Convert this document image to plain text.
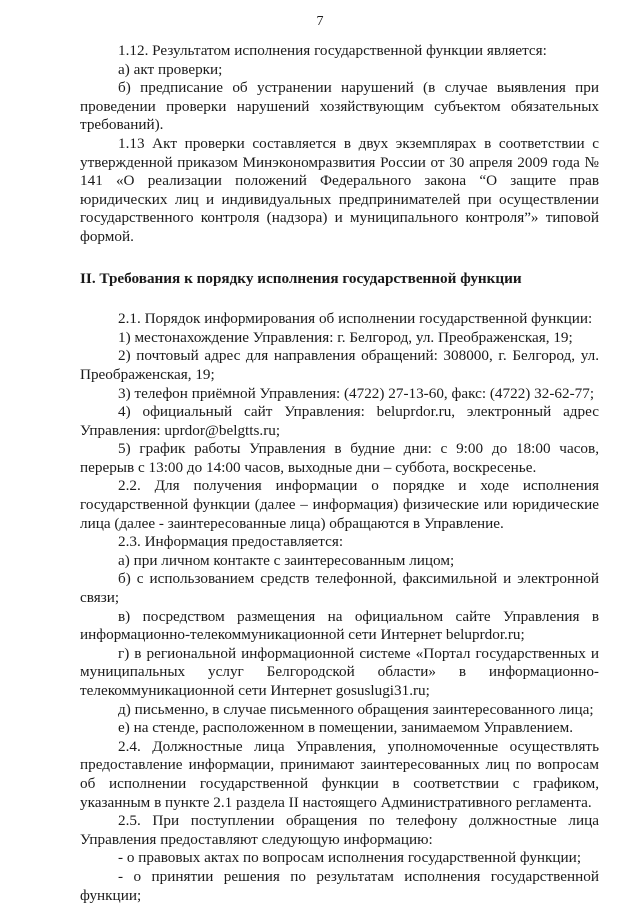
7

1.12. Результатом исполнения государственной функции является:

а) акт проверки;

б) предписание об устранении нарушений (в случае выявления при проведении проверки нарушений хозяйствующим субъектом обязательных требований).

1.13 Акт проверки составляется в двух экземплярах в соответствии с утвержденной приказом Минэкономразвития России от 30 апреля 2009 года № 141 «О реализации положений Федерального закона “О защите прав юридических лиц и индивидуальных предпринимателей при осуществлении государственного контроля (надзора) и муниципального контроля”» типовой формой.

II. Требования к порядку исполнения государственной функции

2.1. Порядок информирования об исполнении государственной функции:

1) местонахождение Управления: г. Белгород, ул. Преображенская, 19;

2) почтовый адрес для направления обращений: 308000, г. Белгород, ул. Преображенская, 19;

3) телефон приёмной Управления: (4722) 27-13-60, факс: (4722) 32-62-77;

4) официальный сайт Управления: beluprdor.ru, электронный адрес Управления: uprdor@belgtts.ru;

5) график работы Управления в будние дни: с 9:00 до 18:00 часов, перерыв с 13:00 до 14:00 часов, выходные дни – суббота, воскресенье.

2.2. Для получения информации о порядке и ходе исполнения государственной функции (далее – информация) физические или юридические лица (далее - заинтересованные лица) обращаются в Управление.

2.3. Информация предоставляется:

а) при личном контакте с заинтересованным лицом;

б) с использованием средств телефонной, факсимильной и электронной связи;

в) посредством размещения на официальном сайте Управления в информационно-телекоммуникационной сети Интернет beluprdor.ru;

г) в региональной информационной системе «Портал государственных и муниципальных услуг Белгородской области» в информационно-телекоммуникационной сети Интернет gosuslugi31.ru;

д) письменно, в случае письменного обращения заинтересованного лица;

е) на стенде, расположенном в помещении, занимаемом Управлением.

2.4. Должностные лица Управления, уполномоченные осуществлять предоставление информации, принимают заинтересованных лиц по вопросам об исполнении государственной функции в соответствии с графиком, указанным в пункте 2.1 раздела II настоящего Административного регламента.

2.5. При поступлении обращения по телефону должностные лица Управления предоставляют следующую информацию:

- о правовых актах по вопросам исполнения государственной функции;

- о принятии решения по результатам исполнения государственной функции;
